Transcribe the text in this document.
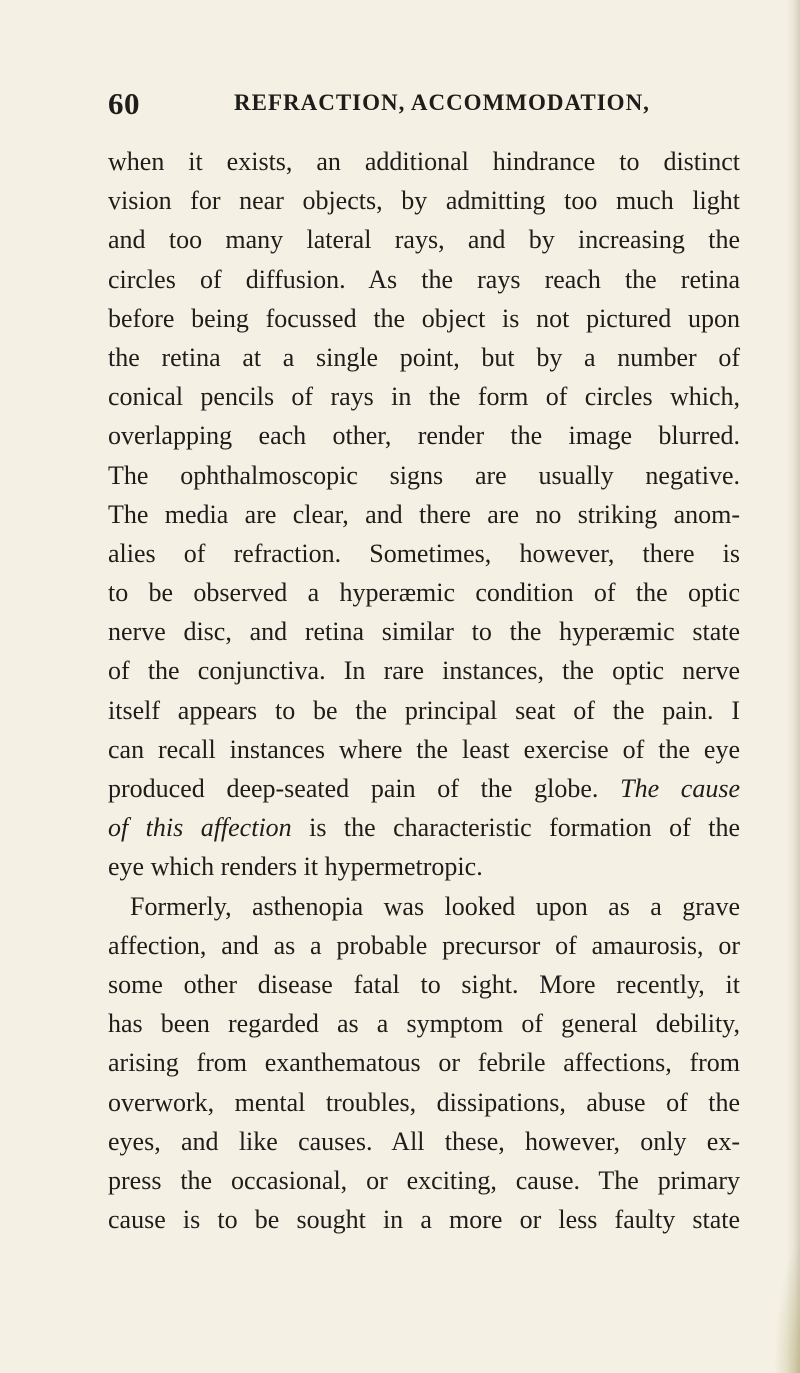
60	REFRACTION, ACCOMMODATION,
when it exists, an additional hindrance to distinct
vision for near objects, by admitting too much light
and too many lateral rays, and by increasing the
circles of diffusion. As the rays reach the retina
before being focussed the object is not pictured upon
the retina at a single point, but by a number of
conical pencils of rays in the form of circles which,
overlapping each other, render the image blurred.
The ophthalmoscopic signs are usually negative.
The media are clear, and there are no striking anom-
alies of refraction. Sometimes, however, there is
to be observed a hyperæmic condition of the optic
nerve disc, and retina similar to the hyperæmic state
of the conjunctiva. In rare instances, the optic nerve
itself appears to be the principal seat of the pain. I
can recall instances where the least exercise of the eye
produced deep-seated pain of the globe. The cause
of this affection is the characteristic formation of the
eye which renders it hypermetropic.
Formerly, asthenopia was looked upon as a grave
affection, and as a probable precursor of amaurosis, or
some other disease fatal to sight. More recently, it
has been regarded as a symptom of general debility,
arising from exanthematous or febrile affections, from
overwork, mental troubles, dissipations, abuse of the
eyes, and like causes. All these, however, only ex-
press the occasional, or exciting, cause. The primary
cause is to be sought in a more or less faulty state
